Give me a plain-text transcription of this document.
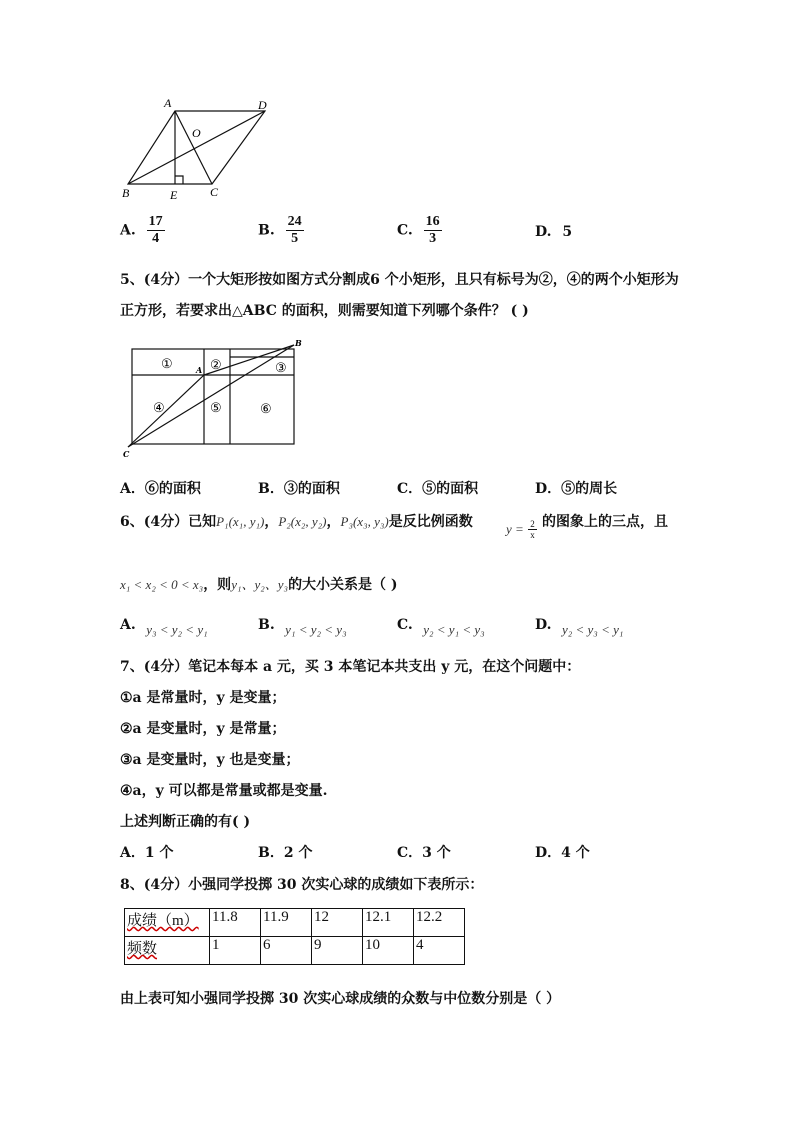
A	D
O
B	E	C
A. $\frac{17}{4}$	B. $\frac{24}{5}$	C. $\frac{16}{3}$	D. 5
5、(4分）一个大矩形按如图方式分割成6 个小矩形，且只有标号为②，④的两个小矩形为
正方形，若要求出△ABC 的面积，则需要知道下列哪个条件？ ( )
①	②	③
④	⑤	⑥
A
B
C
A．⑥的面积	B．③的面积	C．⑤的面积	D．⑤的周长
6、(4分）已知P₁(x₁, y₁)，P₂(x₂, y₂)，P₃(x₃, y₃)是反比例函数	$y = \frac{2}{x}$ 的图象上的三点，且
x₁ < x₂ < 0 < x₃，则y₁、y₂、y₃的大小关系是（ )
A. y₃ < y₂ < y₁	B. y₁ < y₂ < y₃	C. y₂ < y₁ < y₃	D. y₂ < y₃ < y₁
7、(4分）笔记本每本 a 元，买 3 本笔记本共支出 y 元，在这个问题中：
①a 是常量时，y 是变量；
②a 是变量时，y 是常量；
③a 是变量时，y 也是变量；
④a，y 可以都是常量或都是变量.
上述判断正确的有( )
A．1 个	B．2 个	C．3 个	D．4 个
8、(4分）小强同学投掷 30 次实心球的成绩如下表所示：
成绩（m）	11.8	11.9	12	12.1	12.2
频数	1	6	9	10	4
由上表可知小强同学投掷 30 次实心球成绩的众数与中位数分别是（ ）
